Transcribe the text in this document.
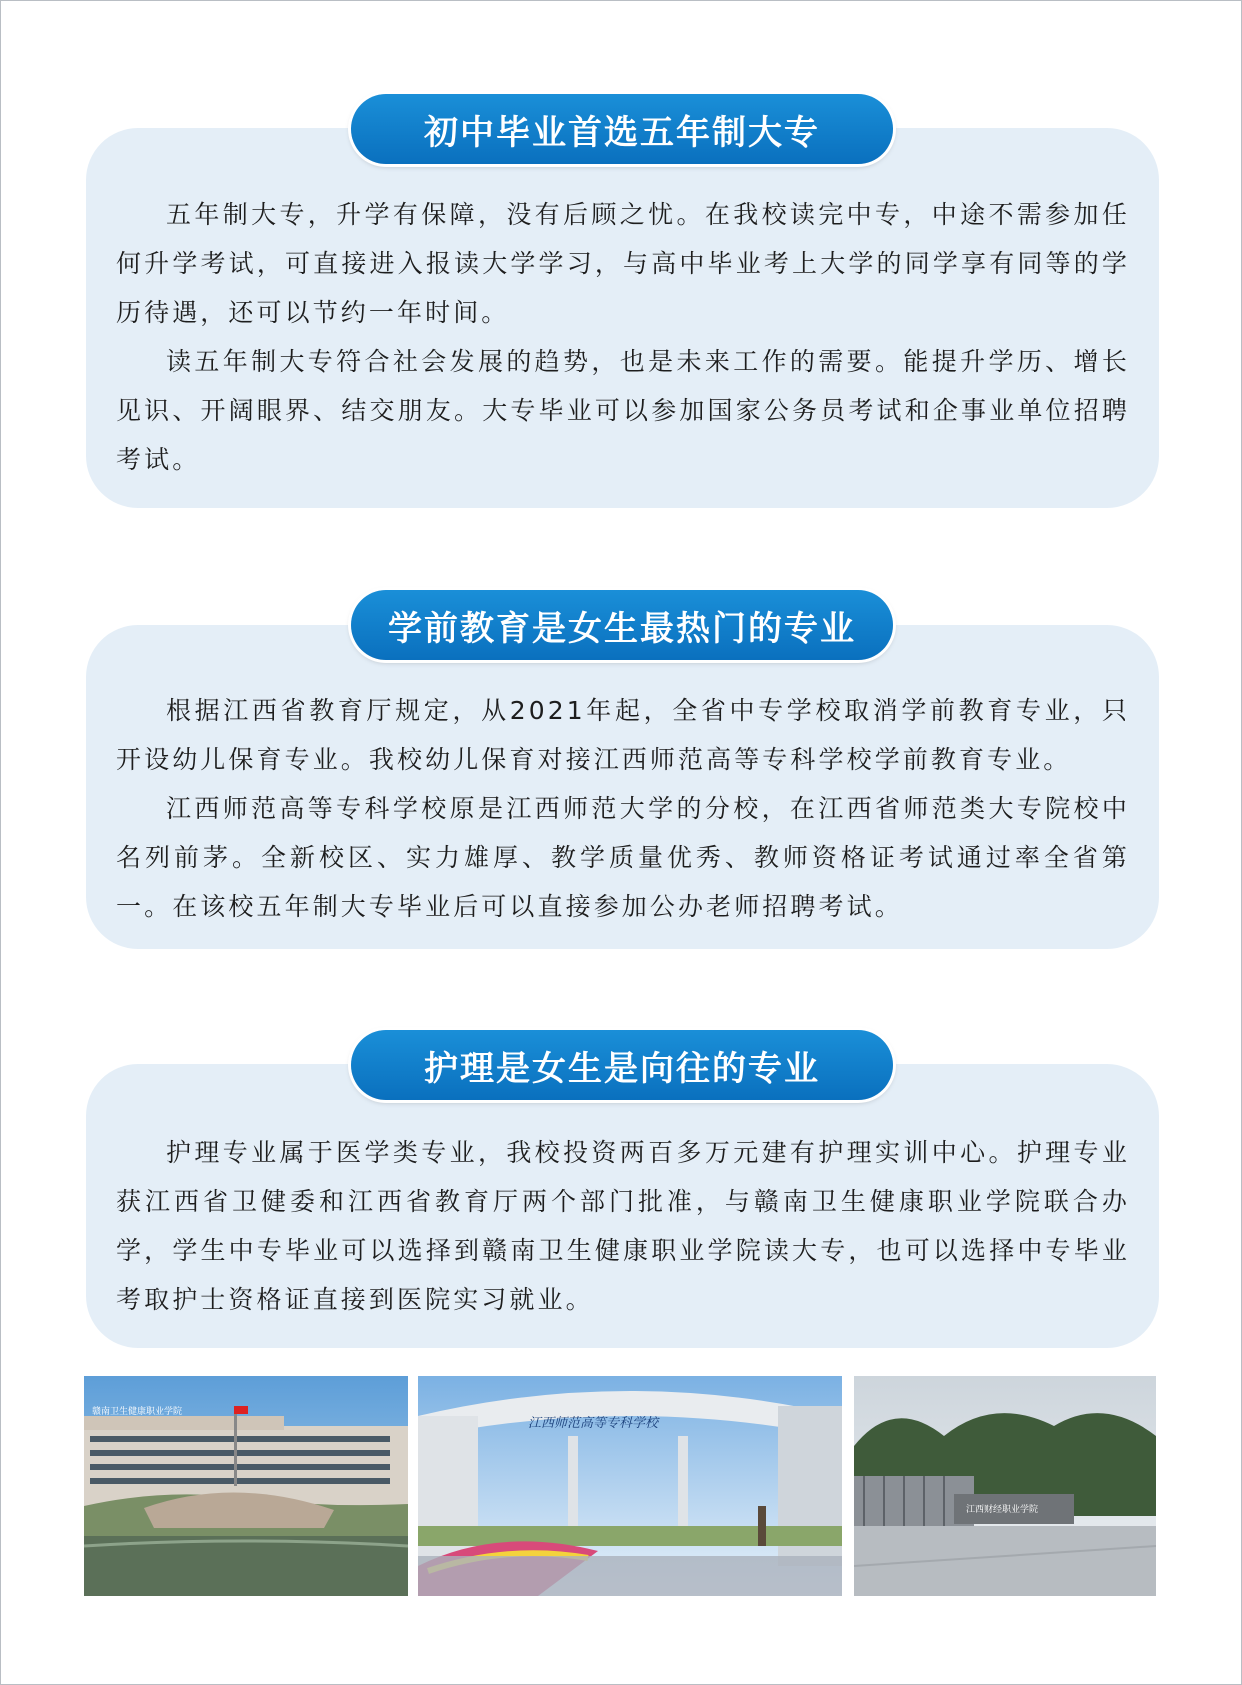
初中毕业首选五年制大专

五年制大专，升学有保障，没有后顾之忧。在我校读完中专，中途不需参加任何升学考试，可直接进入报读大学学习，与高中毕业考上大学的同学享有同等的学历待遇，还可以节约一年时间。

读五年制大专符合社会发展的趋势，也是未来工作的需要。能提升学历、增长见识、开阔眼界、结交朋友。大专毕业可以参加国家公务员考试和企事业单位招聘考试。

学前教育是女生最热门的专业

根据江西省教育厅规定，从2021年起，全省中专学校取消学前教育专业，只开设幼儿保育专业。我校幼儿保育对接江西师范高等专科学校学前教育专业。

江西师范高等专科学校原是江西师范大学的分校，在江西省师范类大专院校中名列前茅。全新校区、实力雄厚、教学质量优秀、教师资格证考试通过率全省第一。在该校五年制大专毕业后可以直接参加公办老师招聘考试。

护理是女生是向往的专业

护理专业属于医学类专业，我校投资两百多万元建有护理实训中心。护理专业获江西省卫健委和江西省教育厅两个部门批准，与赣南卫生健康职业学院联合办学，学生中专毕业可以选择到赣南卫生健康职业学院读大专，也可以选择中专毕业考取护士资格证直接到医院实习就业。

赣南卫生健康职业学院
江西师范高等专科学校
江西财经职业学院
